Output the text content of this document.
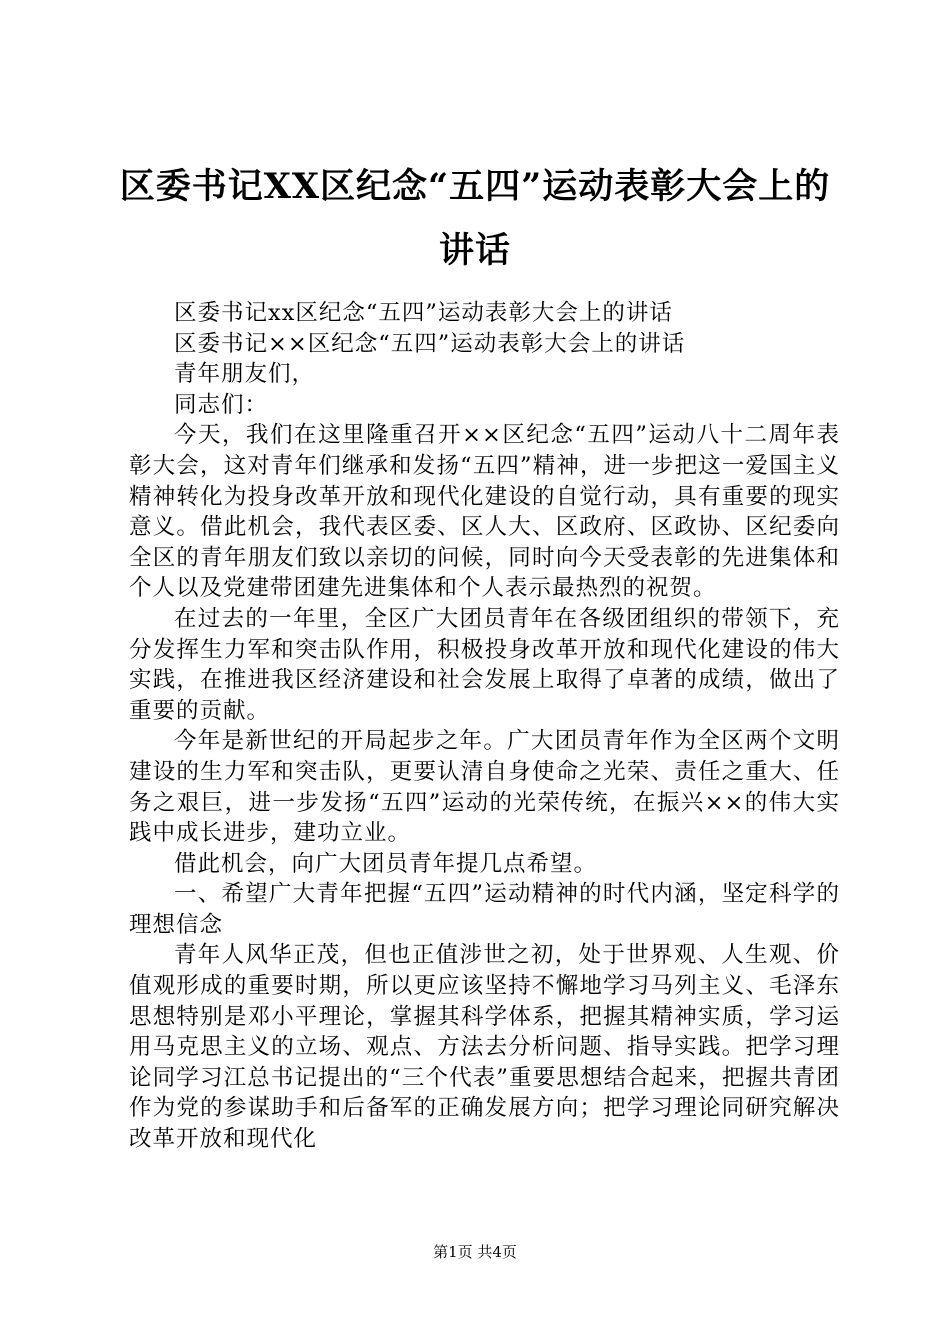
区委书记XX区纪念“五四”运动表彰大会上的讲话

区委书记xx区纪念“五四”运动表彰大会上的讲话

区委书记××区纪念“五四”运动表彰大会上的讲话

青年朋友们，

同志们：

今天，我们在这里隆重召开××区纪念“五四”运动八十二周年表彰大会，这对青年们继承和发扬“五四”精神，进一步把这一爱国主义精神转化为投身改革开放和现代化建设的自觉行动，具有重要的现实意义。借此机会，我代表区委、区人大、区政府、区政协、区纪委向全区的青年朋友们致以亲切的问候，同时向今天受表彰的先进集体和个人以及党建带团建先进集体和个人表示最热烈的祝贺。

在过去的一年里，全区广大团员青年在各级团组织的带领下，充分发挥生力军和突击队作用，积极投身改革开放和现代化建设的伟大实践，在推进我区经济建设和社会发展上取得了卓著的成绩，做出了重要的贡献。

今年是新世纪的开局起步之年。广大团员青年作为全区两个文明建设的生力军和突击队，更要认清自身使命之光荣、责任之重大、任务之艰巨，进一步发扬“五四”运动的光荣传统，在振兴××的伟大实践中成长进步，建功立业。

借此机会，向广大团员青年提几点希望。

一、希望广大青年把握“五四”运动精神的时代内涵，坚定科学的理想信念

青年人风华正茂，但也正值涉世之初，处于世界观、人生观、价值观形成的重要时期，所以更应该坚持不懈地学习马列主义、毛泽东思想特别是邓小平理论，掌握其科学体系，把握其精神实质，学习运用马克思主义的立场、观点、方法去分析问题、指导实践。把学习理论同学习江总书记提出的“三个代表”重要思想结合起来，把握共青团作为党的参谋助手和后备军的正确发展方向；把学习理论同研究解决改革开放和现代化

第1页 共4页
